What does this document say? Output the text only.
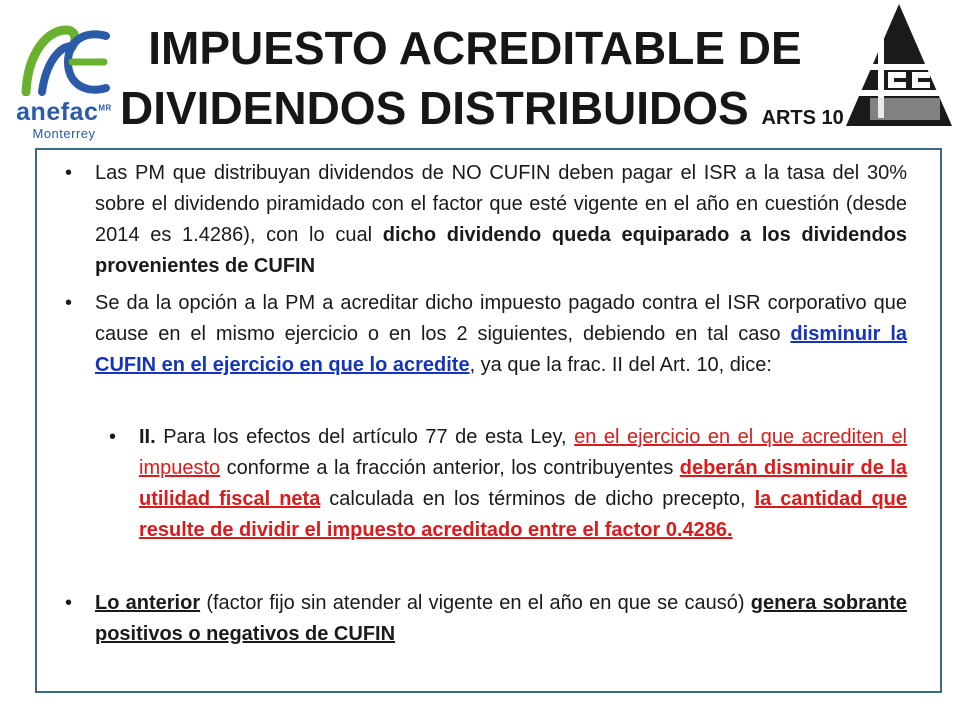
anefac$^{MR}$
Monterrey
IMPUESTO ACREDITABLE DE
DIVIDENDOS DISTRIBUIDOS ARTS 10
• Las PM que distribuyan dividendos de NO CUFIN deben pagar el ISR a la tasa del 30% sobre el dividendo piramidado con el factor que esté vigente en el año en cuestión (desde 2014 es 1.4286), con lo cual dicho dividendo queda equiparado a los dividendos provenientes de CUFIN
• Se da la opción a la PM a acreditar dicho impuesto pagado contra el ISR corporativo que cause en el mismo ejercicio o en los 2 siguientes, debiendo en tal caso disminuir la CUFIN en el ejercicio en que lo acredite, ya que la frac. II del Art. 10, dice:
• II. Para los efectos del artículo 77 de esta Ley, en el ejercicio en el que acrediten el impuesto conforme a la fracción anterior, los contribuyentes deberán disminuir de la utilidad fiscal neta calculada en los términos de dicho precepto, la cantidad que resulte de dividir el impuesto acreditado entre el factor 0.4286.
• Lo anterior (factor fijo sin atender al vigente en el año en que se causó) genera sobrante positivos o negativos de CUFIN
